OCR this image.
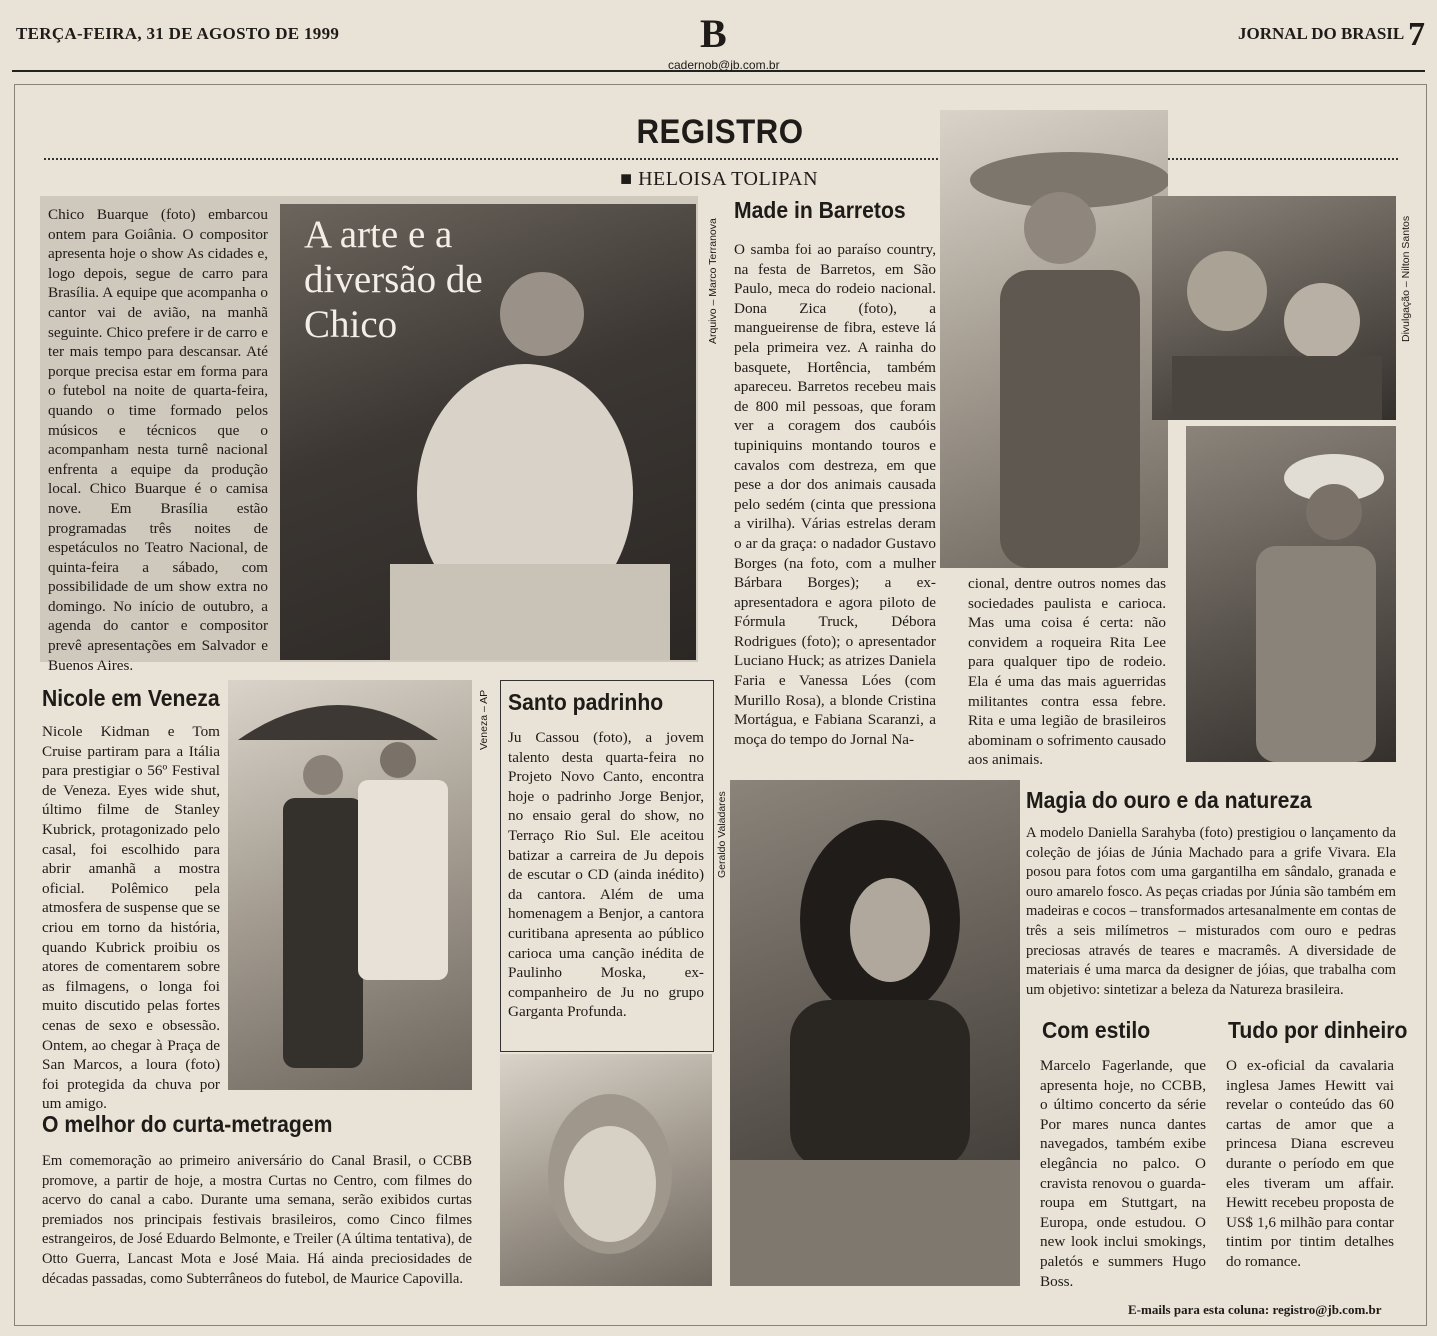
TERÇA-FEIRA, 31 DE AGOSTO DE 1999	B
cadernob@jb.com.br
JORNAL DO BRASIL 7
REGISTRO
■ HELOISA TOLIPAN
Chico Buarque (foto) embarcou ontem para Goiânia. O compositor apresenta hoje o show As cidades e, logo depois, segue de carro para Brasília. A equipe que acompanha o cantor vai de avião, na manhã seguinte. Chico prefere ir de carro e ter mais tempo para descansar. Até porque precisa estar em forma para o futebol na noite de quarta-feira, quando o time formado pelos músicos e técnicos que o acompanham nesta turnê nacional enfrenta a equipe da produção local. Chico Buarque é o camisa nove. Em Brasília estão programadas três noites de espetáculos no Teatro Nacional, de quinta-feira a sábado, com possibilidade de um show extra no domingo. No início de outubro, a agenda do cantor e compositor prevê apresentações em Salvador e Buenos Aires.
A arte e a diversão de Chico	Arquivo – Marco Terranova
Made in Barretos
O samba foi ao paraíso country, na festa de Barretos, em São Paulo, meca do rodeio nacional. Dona Zica (foto), a mangueirense de fibra, esteve lá pela primeira vez. A rainha do basquete, Hortência, também apareceu. Barretos recebeu mais de 800 mil pessoas, que foram ver a coragem dos caubóis tupiniquins montando touros e cavalos com destreza, em que pese a dor dos animais causada pelo sedém (cinta que pressiona a virilha). Várias estrelas deram o ar da graça: o nadador Gustavo Borges (na foto, com a mulher Bárbara Borges); a ex-apresentadora e agora piloto de Fórmula Truck, Débora Rodrigues (foto); o apresentador Luciano Huck; as atrizes Daniela Faria e Vanessa Lóes (com Murillo Rosa), a blonde Cristina Mortágua, e Fabiana Scaranzi, a moça do tempo do Jornal Na-
cional, dentre outros nomes das sociedades paulista e carioca. Mas uma coisa é certa: não convidem a roqueira Rita Lee para qualquer tipo de rodeio. Ela é uma das mais aguerridas militantes contra essa febre. Rita e uma legião de brasileiros abominam o sofrimento causado aos animais.
Divulgação – Nilton Santos
Nicole em Veneza
Nicole Kidman e Tom Cruise partiram para a Itália para prestigiar o 56º Festival de Veneza. Eyes wide shut, último filme de Stanley Kubrick, protagonizado pelo casal, foi escolhido para abrir amanhã a mostra oficial. Polêmico pela atmosfera de suspense que se criou em torno da história, quando Kubrick proibiu os atores de comentarem sobre as filmagens, o longa foi muito discutido pelas fortes cenas de sexo e obsessão. Ontem, ao chegar à Praça de San Marcos, a loura (foto) foi protegida da chuva por um amigo.
Veneza – AP Santo padrinho
Ju Cassou (foto), a jovem talento desta quarta-feira no Projeto Novo Canto, encontra hoje o padrinho Jorge Benjor, no ensaio geral do show, no Terraço Rio Sul. Ele aceitou batizar a carreira de Ju depois de escutar o CD (ainda inédito) da cantora. Além de uma homenagem a Benjor, a cantora curitibana apresenta ao público carioca uma canção inédita de Paulinho Moska, ex-companheiro de Ju no grupo Garganta Profunda.
Geraldo Valadares	Magia do ouro e da natureza
A modelo Daniella Sarahyba (foto) prestigiou o lançamento da coleção de jóias de Júnia Machado para a grife Vivara. Ela posou para fotos com uma gargantilha em sândalo, granada e ouro amarelo fosco. As peças criadas por Júnia são também em madeiras e cocos – transformados artesanalmente em contas de três a seis milímetros – misturados com ouro e pedras preciosas através de teares e macramês. A diversidade de materiais é uma marca da designer de jóias, que trabalha com um objetivo: sintetizar a beleza da Natureza brasileira.
O melhor do curta-metragem
Em comemoração ao primeiro aniversário do Canal Brasil, o CCBB promove, a partir de hoje, a mostra Curtas no Centro, com filmes do acervo do canal a cabo. Durante uma semana, serão exibidos curtas premiados nos principais festivais brasileiros, como Cinco filmes estrangeiros, de José Eduardo Belmonte, e Treiler (A última tentativa), de Otto Guerra, Lancast Mota e José Maia. Há ainda preciosidades de décadas passadas, como Subterrâneos do futebol, de Maurice Capovilla.
Com estilo
Marcelo Fagerlande, que apresenta hoje, no CCBB, o último concerto da série Por mares nunca dantes navegados, também exibe elegância no palco. O cravista renovou o guarda-roupa em Stuttgart, na Europa, onde estudou. O new look inclui smokings, paletós e summers Hugo Boss.
Tudo por dinheiro
O ex-oficial da cavalaria inglesa James Hewitt vai revelar o conteúdo das 60 cartas de amor que a princesa Diana escreveu durante o período em que eles tiveram um affair. Hewitt recebeu proposta de US$ 1,6 milhão para contar tintim por tintim detalhes do romance.
E-mails para esta coluna: registro@jb.com.br
